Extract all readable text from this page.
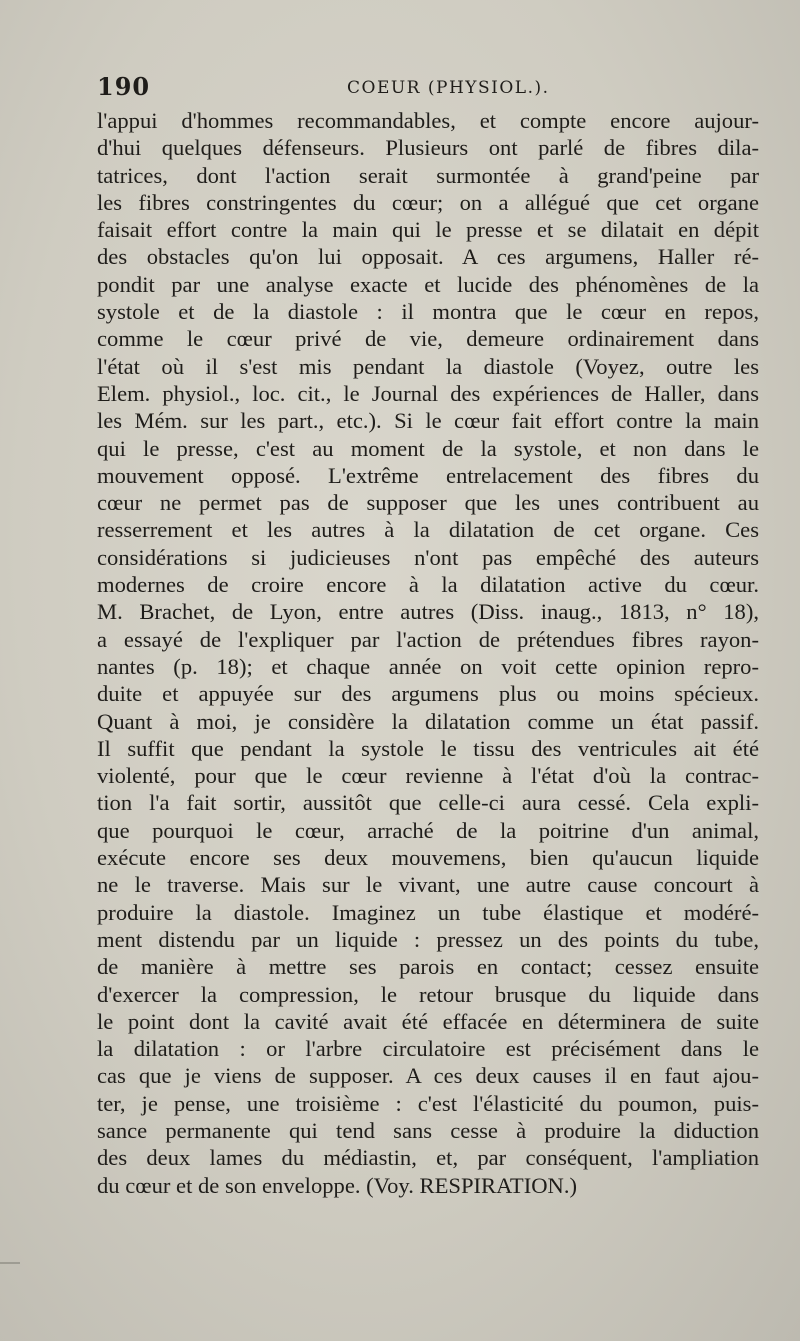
190	COEUR (PHYSIOL.).
l'appui d'hommes recommandables, et compte encore aujour-
d'hui quelques défenseurs. Plusieurs ont parlé de fibres dila-
tatrices, dont l'action serait surmontée à grand'peine par
les fibres constringentes du cœur; on a allégué que cet organe
faisait effort contre la main qui le presse et se dilatait en dépit
des obstacles qu'on lui opposait. A ces argumens, Haller ré-
pondit par une analyse exacte et lucide des phénomènes de la
systole et de la diastole : il montra que le cœur en repos,
comme le cœur privé de vie, demeure ordinairement dans
l'état où il s'est mis pendant la diastole (Voyez, outre les
Elem. physiol., loc. cit., le Journal des expériences de Haller, dans
les Mém. sur les part., etc.). Si le cœur fait effort contre la main
qui le presse, c'est au moment de la systole, et non dans le
mouvement opposé. L'extrême entrelacement des fibres du
cœur ne permet pas de supposer que les unes contribuent au
resserrement et les autres à la dilatation de cet organe. Ces
considérations si judicieuses n'ont pas empêché des auteurs
modernes de croire encore à la dilatation active du cœur.
M. Brachet, de Lyon, entre autres (Diss. inaug., 1813, n° 18),
a essayé de l'expliquer par l'action de prétendues fibres rayon-
nantes (p. 18); et chaque année on voit cette opinion repro-
duite et appuyée sur des argumens plus ou moins spécieux.
Quant à moi, je considère la dilatation comme un état passif.
Il suffit que pendant la systole le tissu des ventricules ait été
violenté, pour que le cœur revienne à l'état d'où la contrac-
tion l'a fait sortir, aussitôt que celle-ci aura cessé. Cela expli-
que pourquoi le cœur, arraché de la poitrine d'un animal,
exécute encore ses deux mouvemens, bien qu'aucun liquide
ne le traverse. Mais sur le vivant, une autre cause concourt à
produire la diastole. Imaginez un tube élastique et modéré-
ment distendu par un liquide : pressez un des points du tube,
de manière à mettre ses parois en contact; cessez ensuite
d'exercer la compression, le retour brusque du liquide dans
le point dont la cavité avait été effacée en déterminera de suite
la dilatation : or l'arbre circulatoire est précisément dans le
cas que je viens de supposer. A ces deux causes il en faut ajou-
ter, je pense, une troisième : c'est l'élasticité du poumon, puis-
sance permanente qui tend sans cesse à produire la diduction
des deux lames du médiastin, et, par conséquent, l'ampliation
du cœur et de son enveloppe. (Voy. RESPIRATION.)
